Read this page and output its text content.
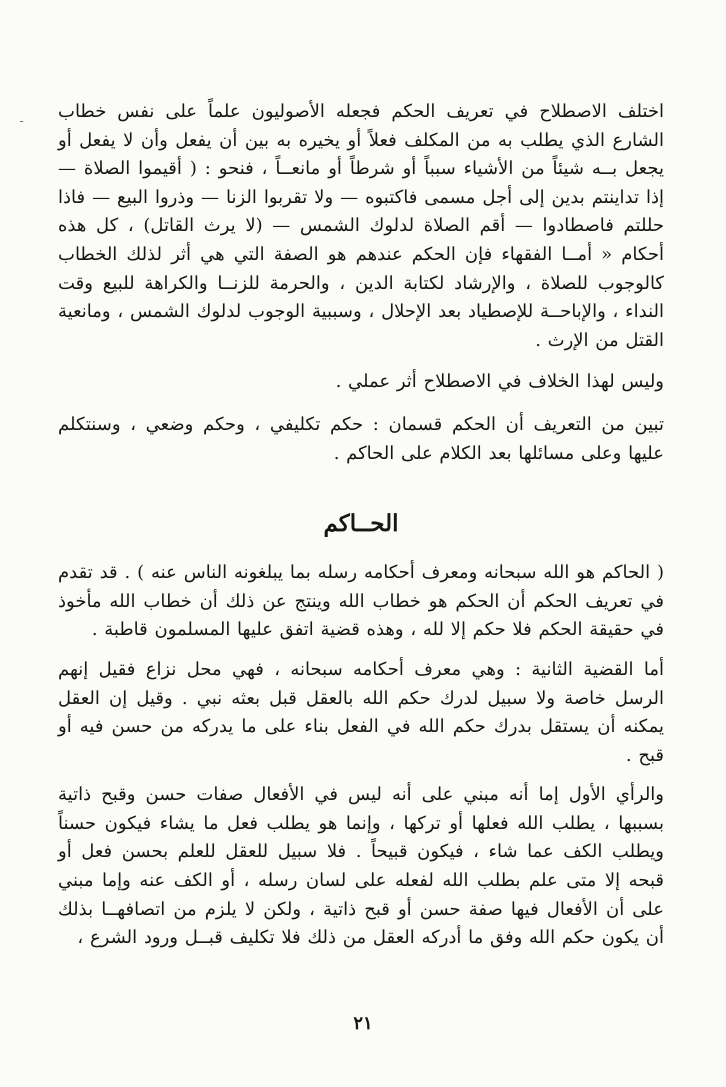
ـ اختلف الاصطلاح في تعريف الحكم فجعله الأصوليون علماً على نفس خطاب الشارع الذي يطلب به من المكلف فعلاً أو يخيره به بين أن يفعل وأن لا يفعل أو يجعل بــه شيئاً من الأشياء سبباً أو شرطاً أو مانعــاً ، فنحو : ( أقيموا الصلاة — إذا تداينتم بدين إلى أجل مسمى فاكتبوه — ولا تقربوا الزنا — وذروا البيع — فاذا حللتم فاصطادوا — أقم الصلاة لدلوك الشمس — (لا يرث القاتل) ، كل هذه أحكام « أمــا الفقهاء فإن الحكم عندهم هو الصفة التي هي أثر لذلك الخطاب كالوجوب للصلاة ، والإرشاد لكتابة الدين ، والحرمة للزنــا والكراهة للبيع وقت النداء ، والإباحــة للإصطياد بعد الإحلال ، وسببية الوجوب لدلوك الشمس ، ومانعية القتل من الإرث .

وليس لهذا الخلاف في الاصطلاح أثر عملي .

تبين من التعريف أن الحكم قسمان : حكم تكليفي ، وحكم وضعي ، وسنتكلم عليها وعلى مسائلها بعد الكلام على الحاكم .

الحــاكم

( الحاكم هو الله سبحانه ومعرف أحكامه رسله بما يبلغونه الناس عنه ) . قد تقدم في تعريف الحكم أن الحكم هو خطاب الله وينتج عن ذلك أن خطاب الله مأخوذ في حقيقة الحكم فلا حكم إلا لله ، وهذه قضية اتفق عليها المسلمون قاطبة .

أما القضية الثانية : وهي معرف أحكامه سبحانه ، فهي محل نزاع فقيل إنهم الرسل خاصة ولا سبيل لدرك حكم الله بالعقل قبل بعثه نبي . وقيل إن العقل يمكنه أن يستقل بدرك حكم الله في الفعل بناء على ما يدركه من حسن فيه أو قبح .

والرأي الأول إما أنه مبني على أنه ليس في الأفعال صفات حسن وقبح ذاتية بسببها ، يطلب الله فعلها أو تركها ، وإنما هو يطلب فعل ما يشاء فيكون حسناً ويطلب الكف عما شاء ، فيكون قبيحاً . فلا سبيل للعقل للعلم بحسن فعل أو قبحه إلا متى علم بطلب الله لفعله على لسان رسله ، أو الكف عنه وإما مبني على أن الأفعال فيها صفة حسن أو قبح ذاتية ، ولكن لا يلزم من اتصافهــا بذلك أن يكون حكم الله وفق ما أدركه العقل من ذلك فلا تكليف قبــل ورود الشرع ،

٢١
